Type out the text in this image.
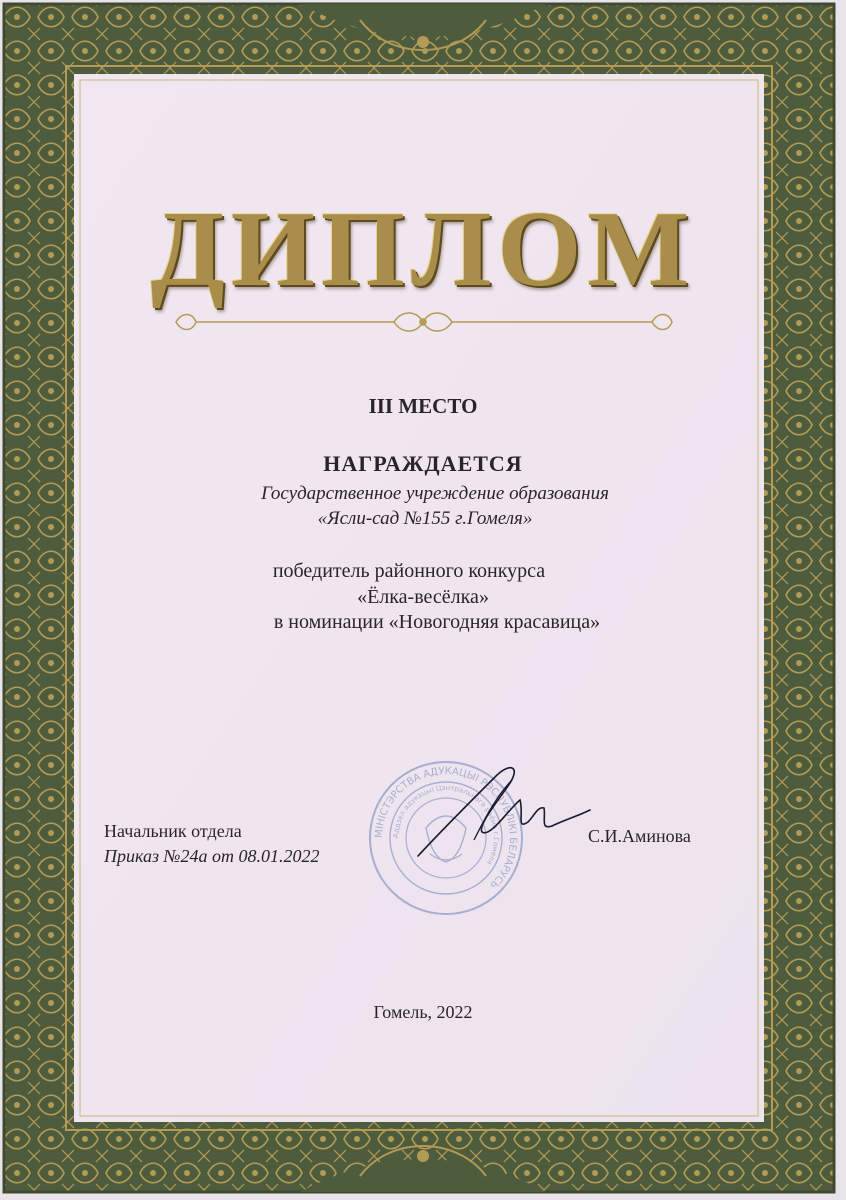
ДИПЛОМ
III МЕСТО
НАГРАЖДАЕТСЯ
Государственное учреждение образования
«Ясли-сад №155 г.Гомеля»
победитель районного конкурса
«Ёлка-весёлка»
в номинации «Новогодняя красавица»
Начальник отдела
Приказ №24а от 08.01.2022
С.И.Аминова
Гомель, 2022
МІНІСТЭРСТВА АДУКАЦЫІ РЭСПУБЛІКІ БЕЛАРУСЬ
Аддзел адукацыі Цэнтральнага раёна г.Гомеля
